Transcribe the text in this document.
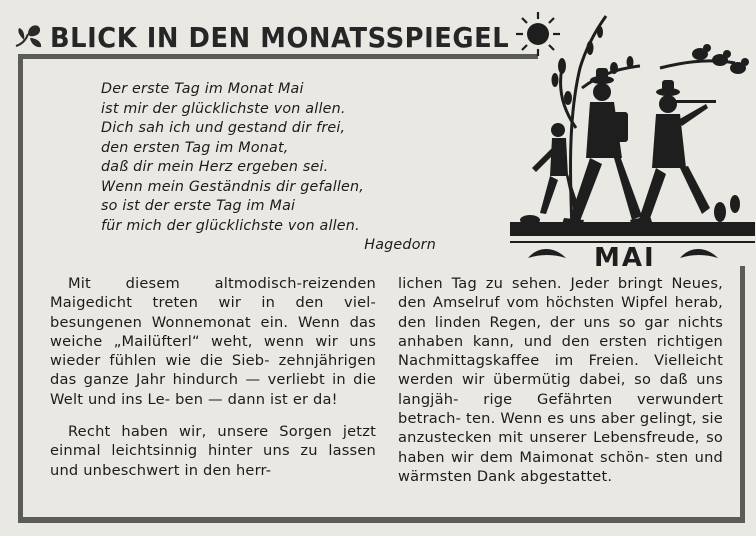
BLICK IN DEN MONATSSPIEGEL
Der erste Tag im Monat Mai
ist mir der glücklichste von allen.
Dich sah ich und gestand dir frei,
den ersten Tag im Monat,
daß dir mein Herz ergeben sei.
Wenn mein Geständnis dir gefallen,
so ist der erste Tag im Mai
für mich der glücklichste von allen.
Hagedorn	MAI

Mit diesem altmodisch-reizenden Maigedicht treten wir in den viel- besungenen Wonnemonat ein. Wenn das weiche „Mailüfterl“ weht, wenn wir uns wieder fühlen wie die Sieb- zehnjährigen das ganze Jahr hindurch — verliebt in die Welt und ins Le- ben — dann ist er da!

Recht haben wir, unsere Sorgen jetzt einmal leichtsinnig hinter uns zu lassen und unbeschwert in den herr-

lichen Tag zu sehen. Jeder bringt Neues, den Amselruf vom höchsten Wipfel herab, den linden Regen, der uns so gar nichts anhaben kann, und den ersten richtigen Nachmittagskaffee im Freien. Vielleicht werden wir übermütig dabei, so daß uns langjäh- rige Gefährten verwundert betrach- ten. Wenn es uns aber gelingt, sie anzustecken mit unserer Lebensfreude, so haben wir dem Maimonat schön- sten und wärmsten Dank abgestattet.
